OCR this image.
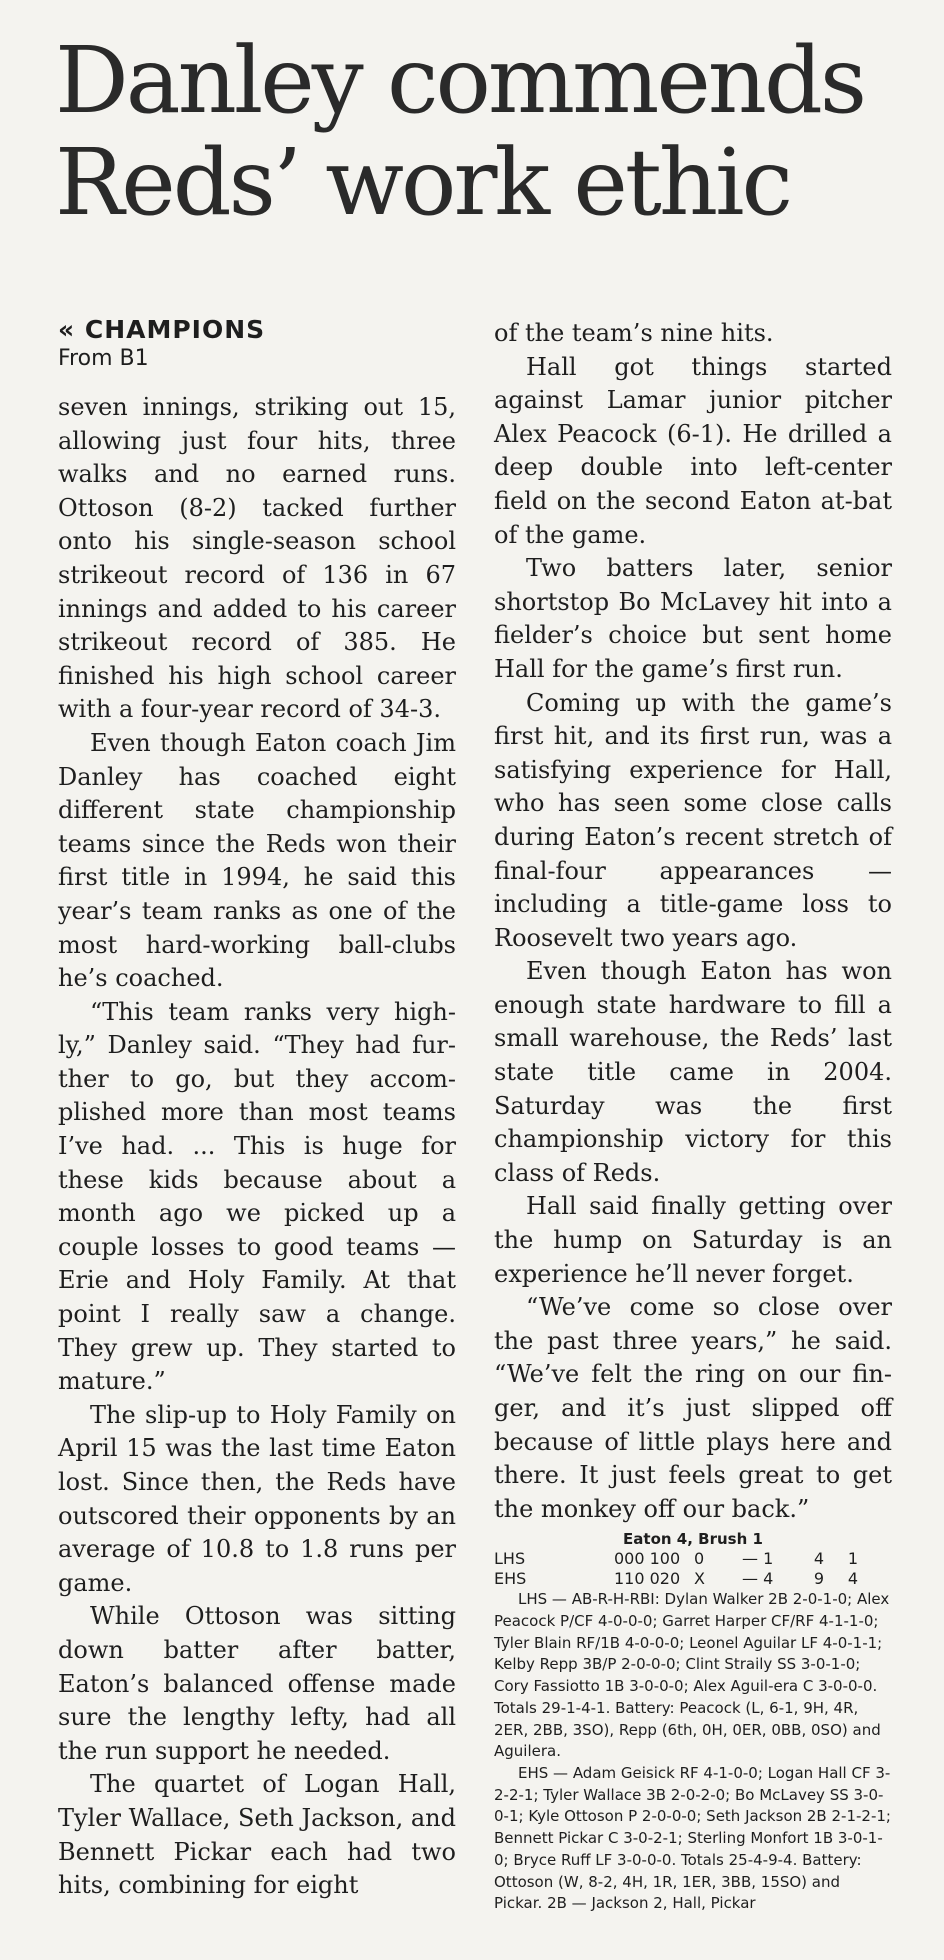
Danley commends
Reds’ work ethic
« CHAMPIONS
From B1

seven innings, striking out 15, allowing just four hits, three walks and no earned runs. Ottoson (8-2) tacked further onto his single-season school strikeout record of 136 in 67 innings and added to his career strikeout record of 385. He finished his high school career with a four-year record of 34-3.

Even though Eaton coach Jim Danley has coached eight different state championship teams since the Reds won their first title in 1994, he said this year’s team ranks as one of the most hard-working ball-clubs he’s coached.

“This team ranks very high-ly,” Danley said. “They had fur-ther to go, but they accom-plished more than most teams I’ve had. ... This is huge for these kids because about a month ago we picked up a couple losses to good teams — Erie and Holy Family. At that point I really saw a change. They grew up. They started to mature.”

The slip-up to Holy Family on April 15 was the last time Eaton lost. Since then, the Reds have outscored their opponents by an average of 10.8 to 1.8 runs per game.

While Ottoson was sitting down batter after batter, Eaton’s balanced offense made sure the lengthy lefty, had all the run support he needed.

The quartet of Logan Hall, Tyler Wallace, Seth Jackson, and Bennett Pickar each had two hits, combining for eight

of the team’s nine hits.

Hall got things started against Lamar junior pitcher Alex Peacock (6-1). He drilled a deep double into left-center field on the second Eaton at-bat of the game.

Two batters later, senior shortstop Bo McLavey hit into a fielder’s choice but sent home Hall for the game’s first run.

Coming up with the game’s first hit, and its first run, was a satisfying experience for Hall, who has seen some close calls during Eaton’s recent stretch of final-four appearances — including a title-game loss to Roosevelt two years ago.

Even though Eaton has won enough state hardware to fill a small warehouse, the Reds’ last state title came in 2004. Saturday was the first championship victory for this class of Reds.

Hall said finally getting over the hump on Saturday is an experience he’ll never forget.

“We’ve come so close over the past three years,” he said. “We’ve felt the ring on our fin-ger, and it’s just slipped off because of little plays here and there. It just feels great to get the monkey off our back.”

Eaton 4, Brush 1
LHS	000 100 0	— 1	4	1
EHS	110 020 X	— 4	9	4

LHS — AB-R-H-RBI: Dylan Walker 2B 2-0-1-0; Alex Peacock P/CF 4-0-0-0; Garret Harper CF/RF 4-1-1-0; Tyler Blain RF/1B 4-0-0-0; Leonel Aguilar LF 4-0-1-1; Kelby Repp 3B/P 2-0-0-0; Clint Straily SS 3-0-1-0; Cory Fassiotto 1B 3-0-0-0; Alex Aguil-era C 3-0-0-0. Totals 29-1-4-1. Battery: Peacock (L, 6-1, 9H, 4R, 2ER, 2BB, 3SO), Repp (6th, 0H, 0ER, 0BB, 0SO) and Aguilera.

EHS — Adam Geisick RF 4-1-0-0; Logan Hall CF 3-2-2-1; Tyler Wallace 3B 2-0-2-0; Bo McLavey SS 3-0-0-1; Kyle Ottoson P 2-0-0-0; Seth Jackson 2B 2-1-2-1; Bennett Pickar C 3-0-2-1; Sterling Monfort 1B 3-0-1-0; Bryce Ruff LF 3-0-0-0. Totals 25-4-9-4. Battery: Ottoson (W, 8-2, 4H, 1R, 1ER, 3BB, 15SO) and Pickar. 2B — Jackson 2, Hall, Pickar
